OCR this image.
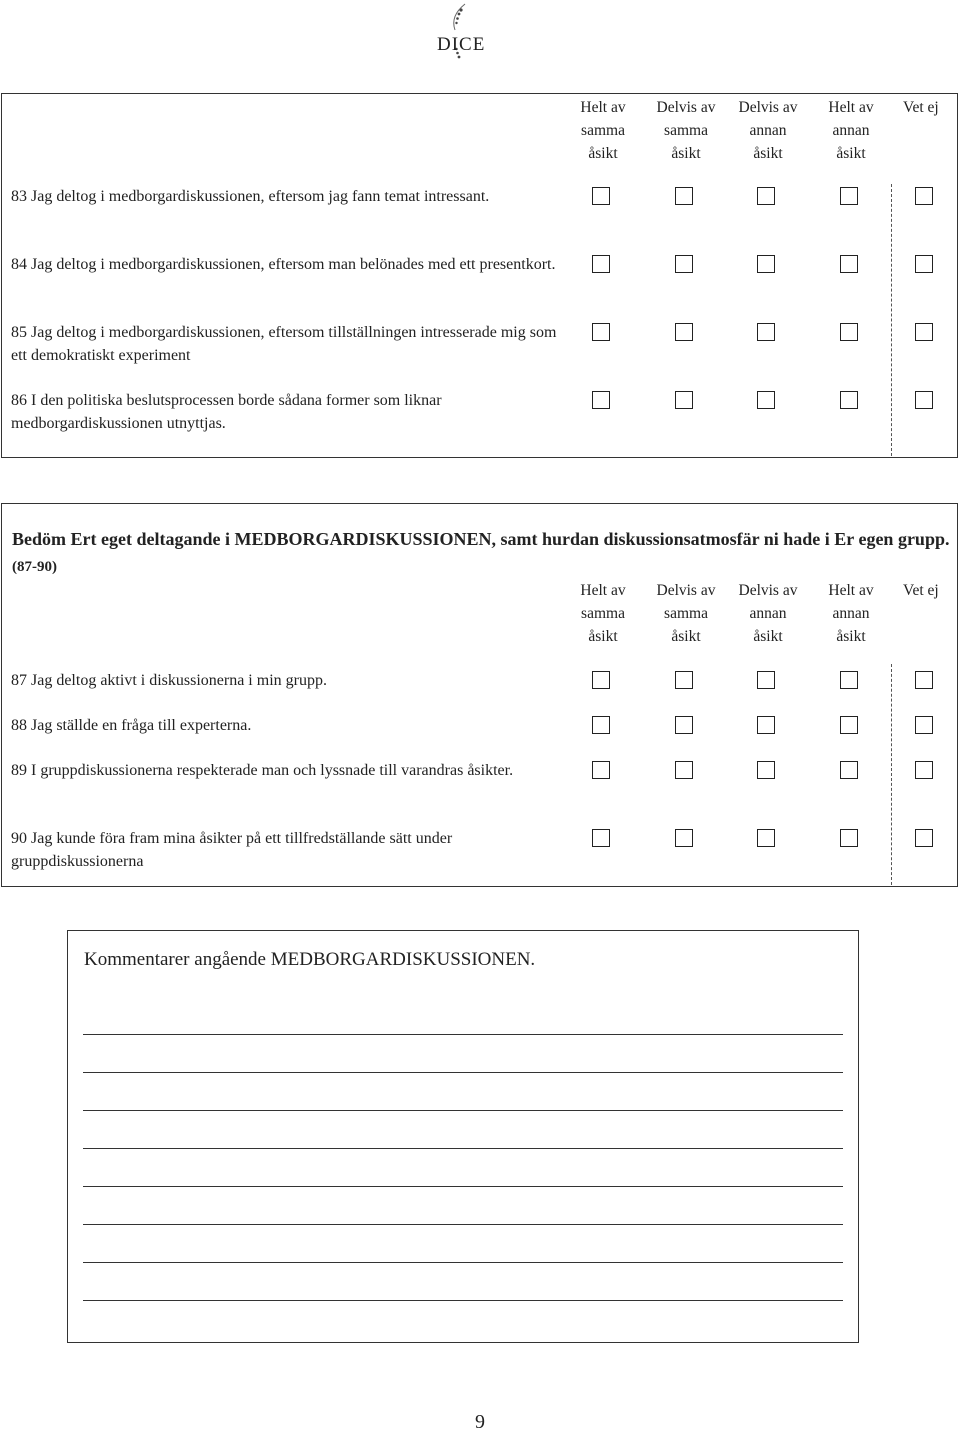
DICE
Helt av
samma
åsikt
Delvis av
samma
åsikt
Delvis av
annan
åsikt
Helt av
annan
åsikt
Vet ej
83 Jag deltog i medborgardiskussionen, eftersom jag fann temat intressant.
84 Jag deltog i medborgardiskussionen, eftersom man belönades med ett presentkort.
85 Jag deltog i medborgardiskussionen, eftersom tillställningen intresserade mig som ett demokratiskt experiment
86 I den politiska beslutsprocessen borde sådana former som liknar medborgardiskussionen utnyttjas.
Bedöm Ert eget deltagande i MEDBORGARDISKUSSIONEN, samt hurdan diskussionsatmosfär ni hade i Er egen grupp. (87-90)
Helt av
samma
åsikt
Delvis av
samma
åsikt
Delvis av
annan
åsikt
Helt av
annan
åsikt
Vet ej
87 Jag deltog aktivt i diskussionerna i min grupp.
88 Jag ställde en fråga till experterna.
89 I gruppdiskussionerna respekterade man och lyssnade till varandras åsikter.
90 Jag kunde föra fram mina åsikter på ett tillfredställande sätt under gruppdiskussionerna
Kommentarer angående MEDBORGARDISKUSSIONEN.
9
